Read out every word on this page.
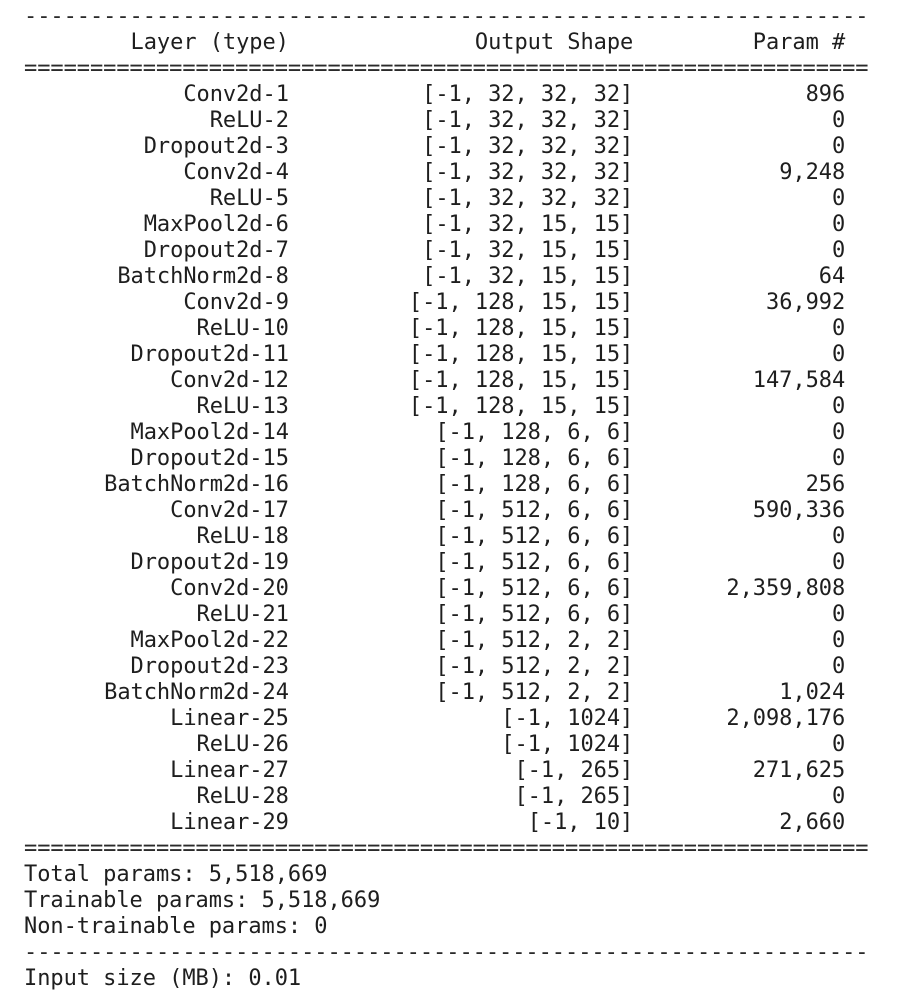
----------------------------------------------------------------
Layer (type)	Output Shape	Param #
================================================================
Conv2d-1	[-1, 32, 32, 32]	896
ReLU-2	[-1, 32, 32, 32]	0
Dropout2d-3	[-1, 32, 32, 32]	0
Conv2d-4	[-1, 32, 32, 32]	9,248
ReLU-5	[-1, 32, 32, 32]	0
MaxPool2d-6	[-1, 32, 15, 15]	0
Dropout2d-7	[-1, 32, 15, 15]	0
BatchNorm2d-8	[-1, 32, 15, 15]	64
Conv2d-9	[-1, 128, 15, 15]	36,992
ReLU-10	[-1, 128, 15, 15]	0
Dropout2d-11	[-1, 128, 15, 15]	0
Conv2d-12	[-1, 128, 15, 15]	147,584
ReLU-13	[-1, 128, 15, 15]	0
MaxPool2d-14	[-1, 128, 6, 6]	0
Dropout2d-15	[-1, 128, 6, 6]	0
BatchNorm2d-16	[-1, 128, 6, 6]	256
Conv2d-17	[-1, 512, 6, 6]	590,336
ReLU-18	[-1, 512, 6, 6]	0
Dropout2d-19	[-1, 512, 6, 6]	0
Conv2d-20	[-1, 512, 6, 6]	2,359,808
ReLU-21	[-1, 512, 6, 6]	0
MaxPool2d-22	[-1, 512, 2, 2]	0
Dropout2d-23	[-1, 512, 2, 2]	0
BatchNorm2d-24	[-1, 512, 2, 2]	1,024
Linear-25	[-1, 1024]	2,098,176
ReLU-26	[-1, 1024]	0
Linear-27	[-1, 265]	271,625
ReLU-28	[-1, 265]	0
Linear-29	[-1, 10]	2,660
================================================================
Total params: 5,518,669
Trainable params: 5,518,669
Non-trainable params: 0
----------------------------------------------------------------
Input size (MB): 0.01
